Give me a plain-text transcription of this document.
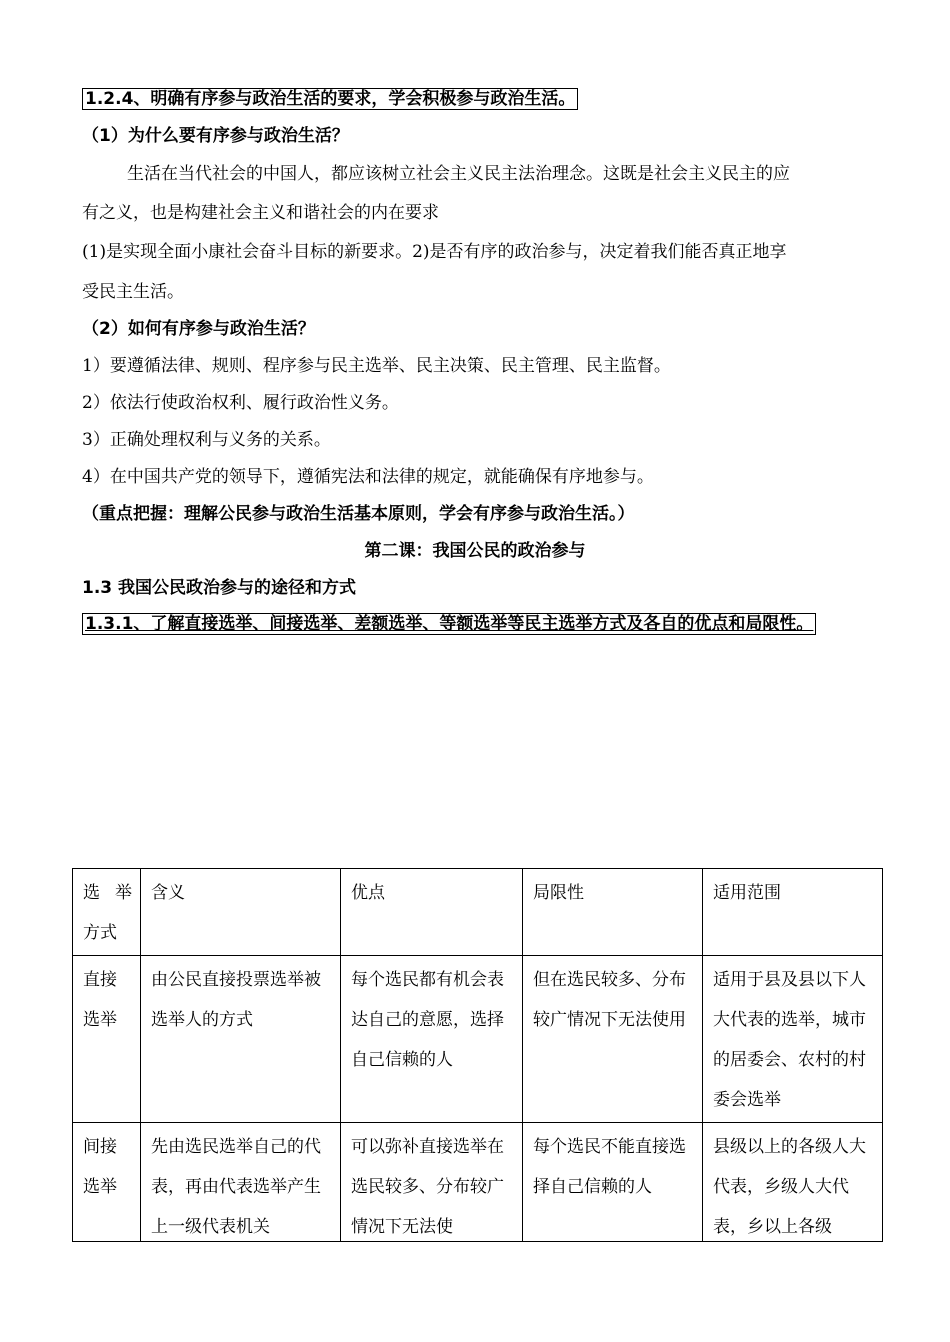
1.2.4、明确有序参与政治生活的要求，学会积极参与政治生活。
（1）为什么要有序参与政治生活？
生活在当代社会的中国人，都应该树立社会主义民主法治理念。这既是社会主义民主的应
有之义，也是构建社会主义和谐社会的内在要求
(1)是实现全面小康社会奋斗目标的新要求。2)是否有序的政治参与，决定着我们能否真正地享
受民主生活。
（2）如何有序参与政治生活？
1）要遵循法律、规则、程序参与民主选举、民主决策、民主管理、民主监督。
2）依法行使政治权利、履行政治性义务。
3）正确处理权利与义务的关系。
4）在中国共产党的领导下，遵循宪法和法律的规定，就能确保有序地参与。
（重点把握：理解公民参与政治生活基本原则，学会有序参与政治生活。）
第二课：我国公民的政治参与
1.3 我国公民政治参与的途径和方式
1.3.1、了解直接选举、间接选举、差额选举、等额选举等民主选举方式及各自的优点和局限性。
选举方式	含义	优点	局限性	适用范围
直接选举	由公民直接投票选举被选举人的方式	每个选民都有机会表达自己的意愿，选择自己信赖的人	但在选民较多、分布较广情况下无法使用	适用于县及县以下人大代表的选举，城市的居委会、农村的村委会选举

间接选举	先由选民选举自己的代表，再由代表选举产生上一级代表机关	可以弥补直接选举在选民较多、分布较广情况下无法使	每个选民不能直接选择自己信赖的人	县级以上的各级人大代表，乡级人大代表，乡以上各级
